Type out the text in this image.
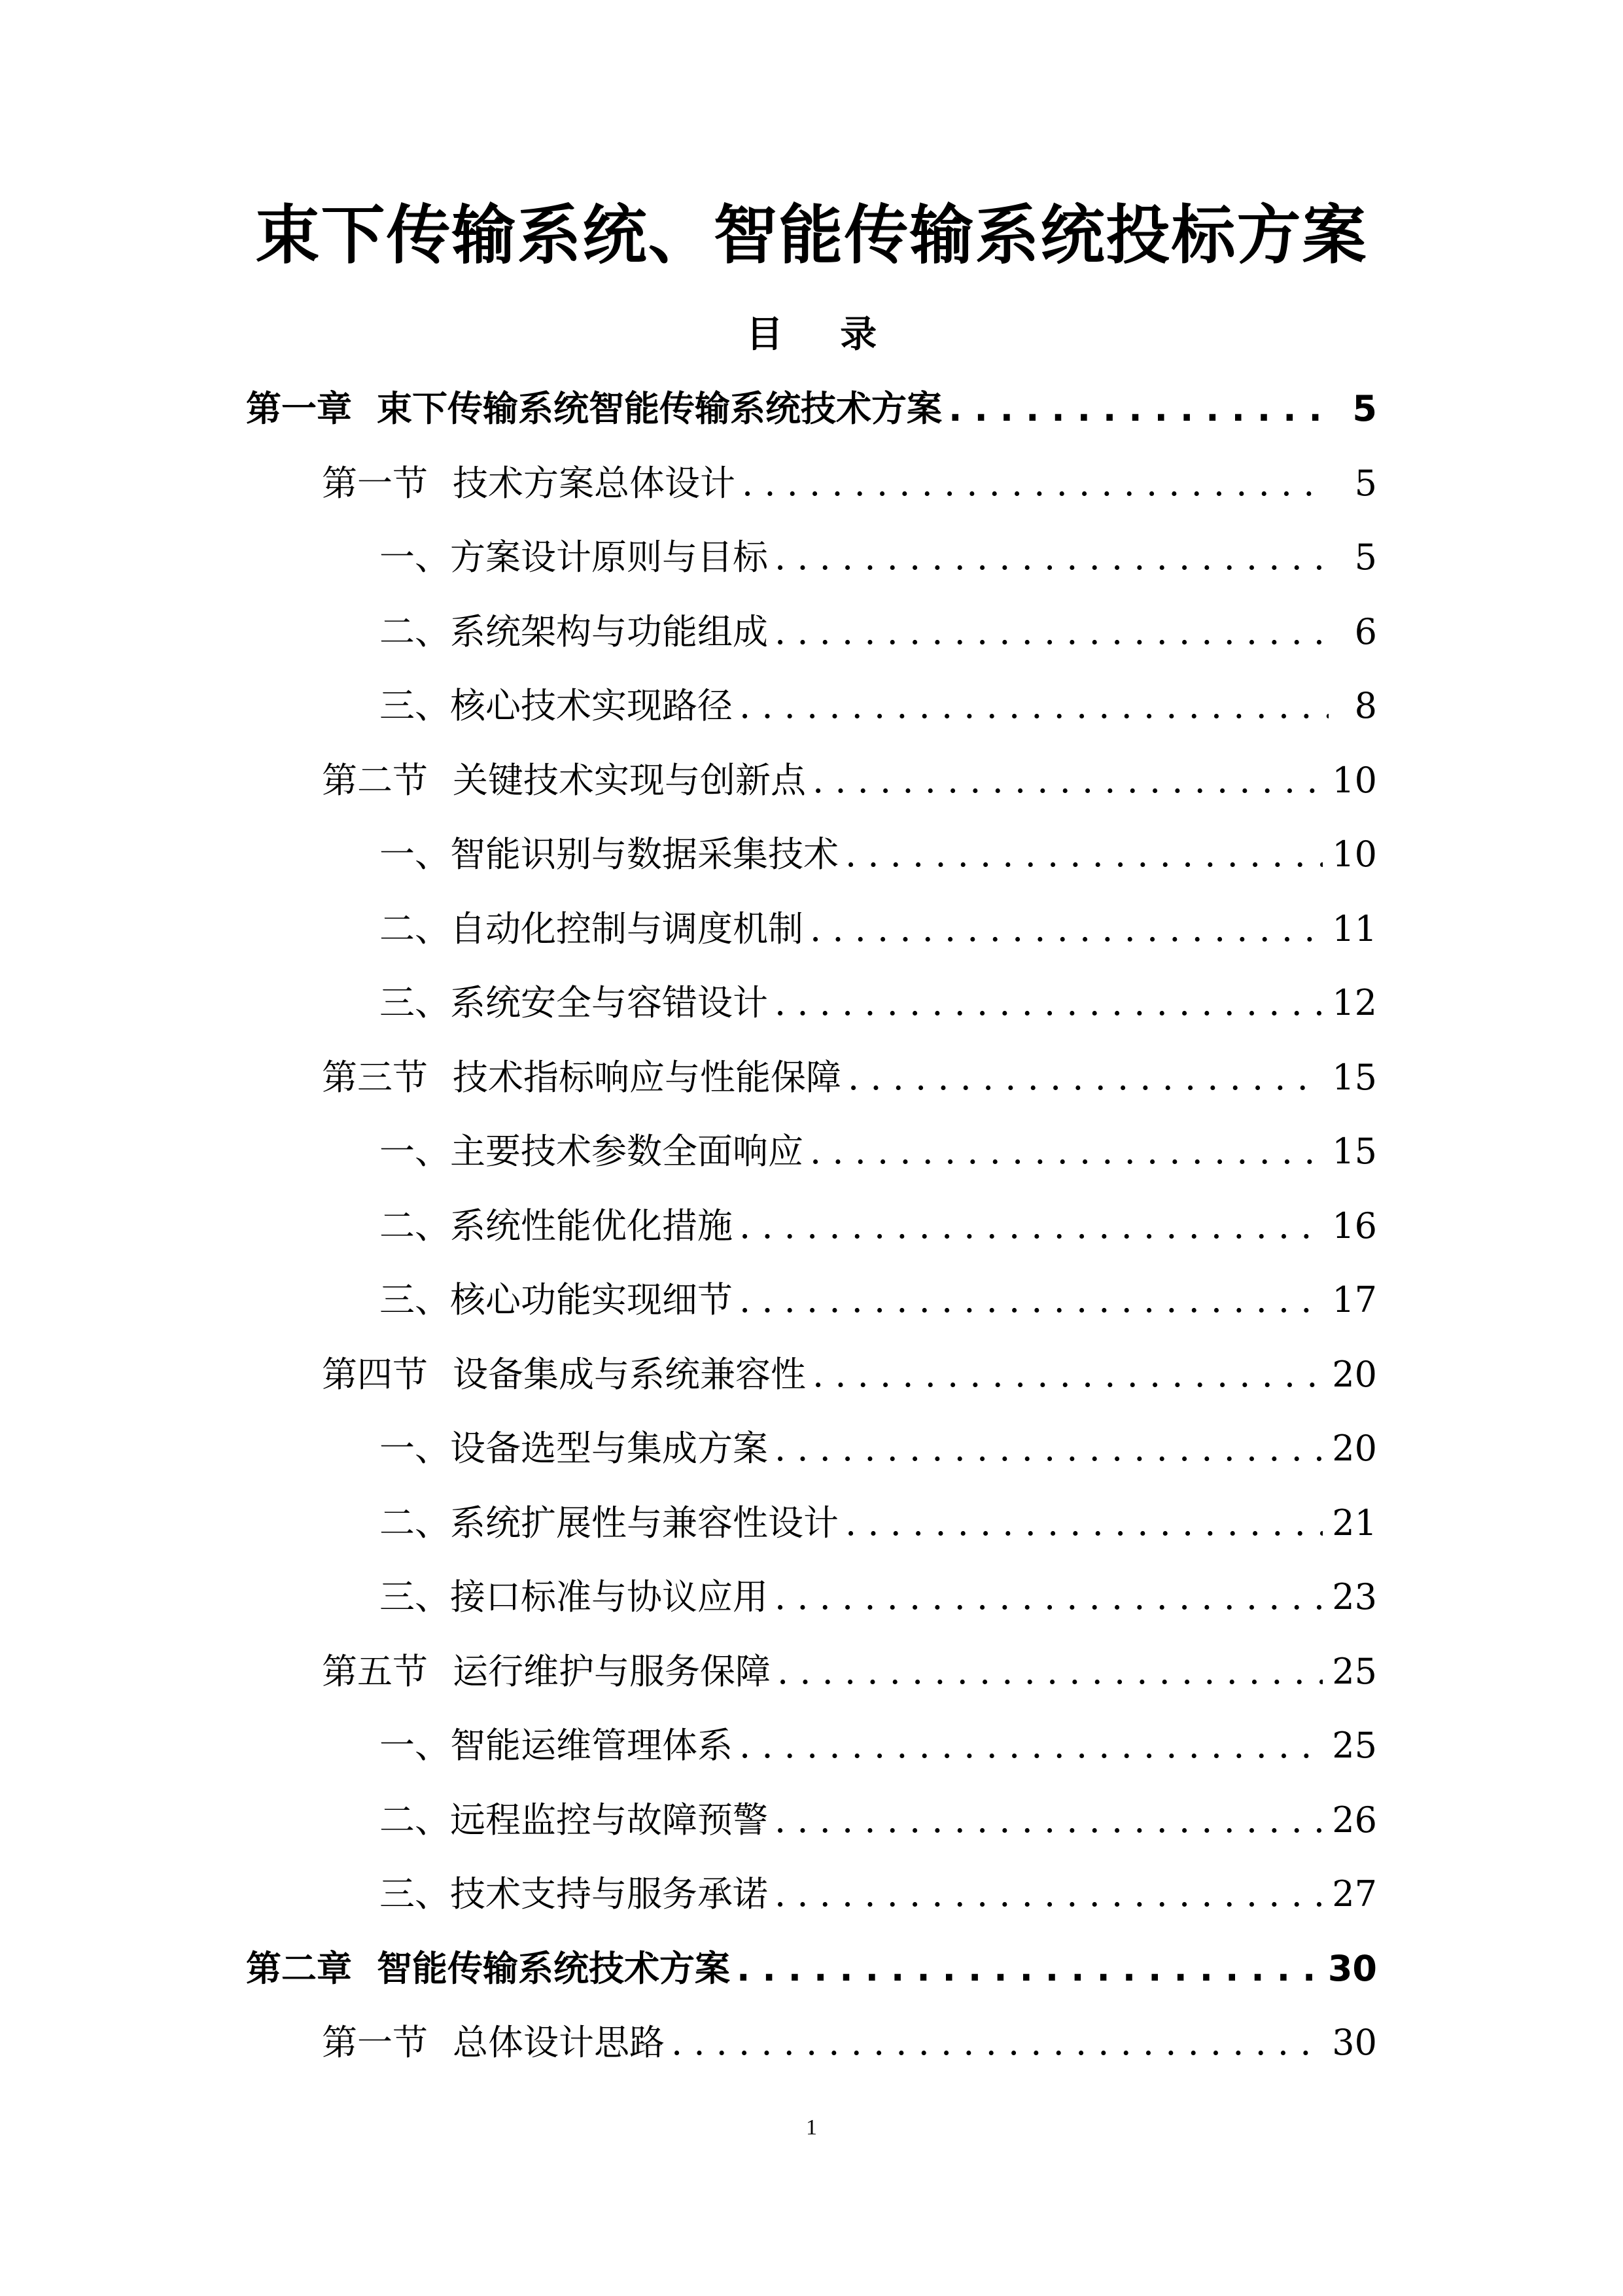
束下传输系统、智能传输系统投标方案
目 录
第一章 束下传输系统智能传输系统技术方案 . . .	5
第一节 技术方案总体设计 . . .	5
一、方案设计原则与目标 . . .	5
二、系统架构与功能组成 . . .	6
三、核心技术实现路径 . . .	8
第二节 关键技术实现与创新点 . . .	10
一、智能识别与数据采集技术 . . .	10
二、自动化控制与调度机制 . . .	11
三、系统安全与容错设计 . . .	12
第三节 技术指标响应与性能保障 . . .	15
一、主要技术参数全面响应 . . .	15
二、系统性能优化措施 . . .	16
三、核心功能实现细节 . . .	17
第四节 设备集成与系统兼容性 . . .	20
一、设备选型与集成方案 . . .	20
二、系统扩展性与兼容性设计 . . .	21
三、接口标准与协议应用 . . .	23
第五节 运行维护与服务保障 . . .	25
一、智能运维管理体系 . . .	25
二、远程监控与故障预警 . . .	26
三、技术支持与服务承诺 . . .	27
第二章 智能传输系统技术方案 . . .	30
第一节 总体设计思路 . . .	30
1
